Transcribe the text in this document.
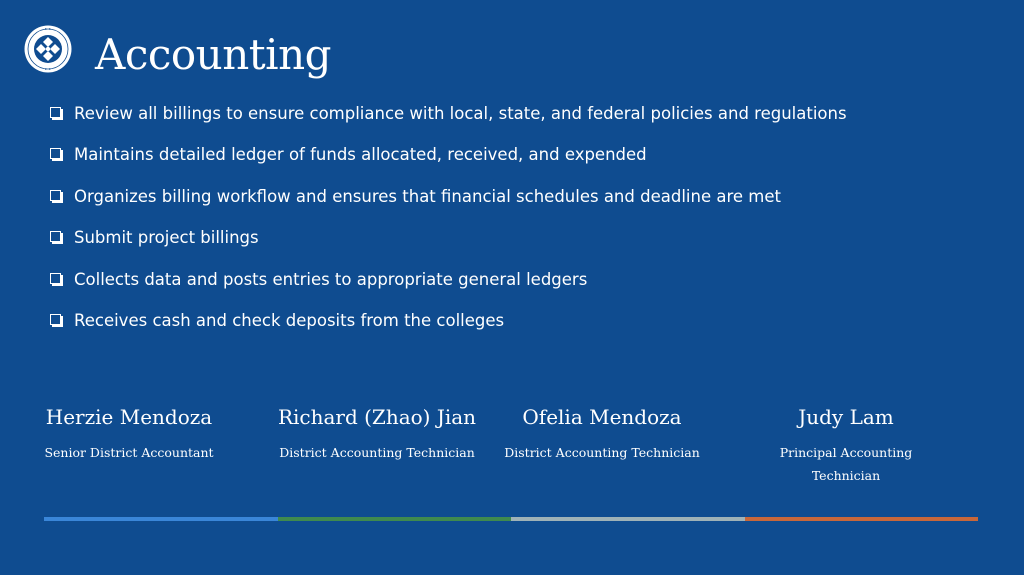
Accounting
Review all billings to ensure compliance with local, state, and federal policies and regulations
Maintains detailed ledger of funds allocated, received, and expended
Organizes billing workflow and ensures that financial schedules and deadline are met
Submit project billings
Collects data and posts entries to appropriate general ledgers
Receives cash and check deposits from the colleges
Herzie Mendoza
Senior District Accountant
Richard (Zhao) Jian
District Accounting Technician
Ofelia Mendoza
District Accounting Technician
Judy Lam
Principal Accounting Technician
